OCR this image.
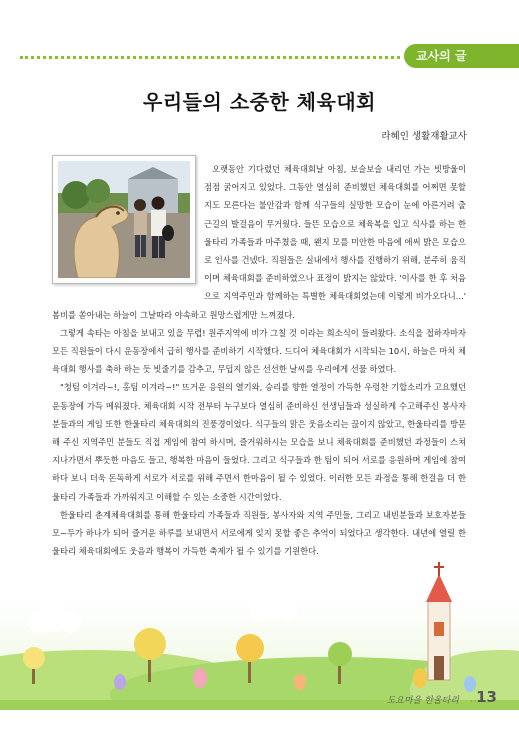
교사의 글
우리들의 소중한 체육대회
라혜인 생활재활교사

오랫동안 기다렸던 체육대회날 아침, 보슬보슬 내리던 가는 빗방울이 점점 굵어지고 있었다. 그동안 열심히 준비했던 체육대회를 어쩌면 못할지도 모른다는 불안감과 함께 식구들의 실망한 모습이 눈에 아른거려 출근길의 발걸음이 무거웠다. 들뜬 모습으로 체육복을 입고 식사를 하는 한울타리 가족들과 마주쳤을 때, 왠지 모를 미안한 마음에 애써 밝은 모습으로 인사를 건넸다. 직원들은 실내에서 행사를 진행하기 위해, 분주히 움직이며 체육대회를 준비하였으나 표정이 밝지는 않았다. '이사를 한 후 처음으로 지역주민과 함께하는 특별한 체육대회였는데 이렇게 비가오다니...' 봄비를 쏟아내는 하늘이 그날따라 야속하고 원망스럽게만 느껴졌다.

그렇게 속타는 아침을 보내고 있을 무렵! 원주지역에 비가 그칠 것 이라는 희소식이 들려왔다. 소식을 접하자마자 모든 직원들이 다시 운동장에서 급히 행사를 준비하기 시작했다. 드디어 체육대회가 시작되는 10시, 하늘은 마치 체육대회 행사를 축하 하는 듯 빗줄기를 감추고, 무덥지 않은 선선한 날씨를 우리에게 선물 하였다.

"청팀 이겨라~!, 홍팀 이겨라~!" 뜨거운 응원의 열기와, 승리를 향한 열정이 가득한 우렁찬 기합소리가 고요했던 운동장에 가득 메워졌다. 체육대회 시작 전부터 누구보다 열심히 준비하신 선생님들과 성실하게 수고해주신 봉사자 분들과의 게임 또한 한울타리 체육대회의 진풍경이었다. 식구들의 맑은 웃음소리는 끊이지 않았고, 한울타리를 방문해 주신 지역주민 분들도 직접 게임에 참여 하시며, 즐거워하시는 모습을 보니 체육대회를 준비했던 과정들이 스쳐 지나가면서 뿌듯한 마음도 들고, 행복한 마음이 들었다. 그리고 식구들과 한 팀이 되어 서로를 응원하며 게임에 참여하다 보니 더욱 돈독하게 서로가 서로를 위해 주면서 한마음이 될 수 있었다. 이러한 모든 과정을 통해 한걸음 더 한울타리 가족들과 가까워지고 이해할 수 있는 소중한 시간이었다.

한울타리 춘계체육대회를 통해 한울타리 가족들과 직원들, 봉사자와 지역 주민들, 그리고 내빈분들과 보호자분들 모~두가 하나가 되어 즐거운 하루를 보내면서 서로에게 잊지 못할 좋은 추억이 되었다고 생각한다. 내년에 열릴 한울타리 체육대회에도 웃음과 행복이 가득한 축제가 될 수 있기를 기원한다.

도요마을 한울타리 .. 13
